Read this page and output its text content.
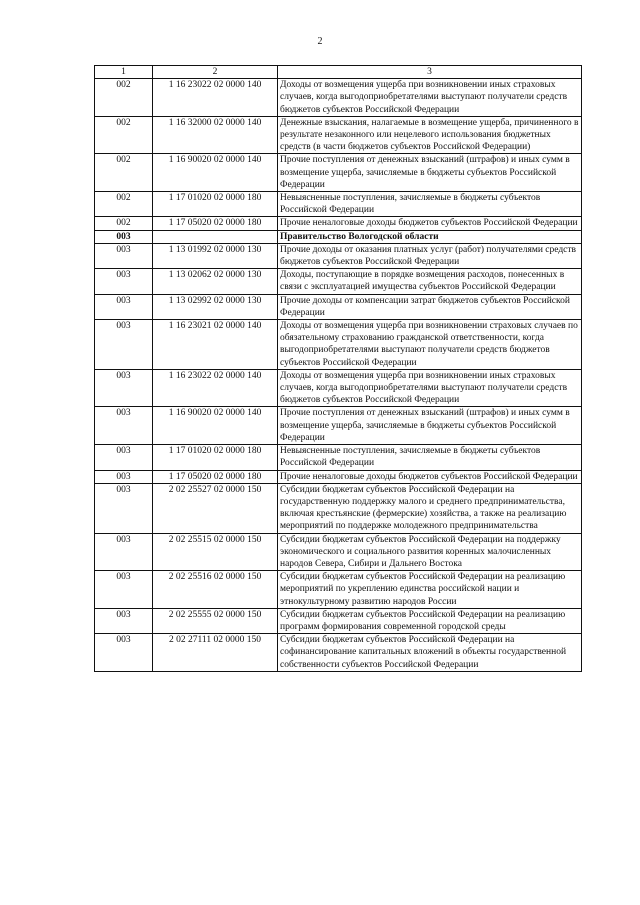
2
1	2	3
002	1 16 23022 02 0000 140	Доходы от возмещения ущерба при возникновении иных страховых случаев, когда выгодоприобретателями выступают получатели средств бюджетов субъектов Российской Федерации
002	1 16 32000 02 0000 140	Денежные взыскания, налагаемые в возмещение ущерба, причиненного в результате незаконного или нецелевого использования бюджетных средств (в части бюджетов субъектов Российской Федерации)
002	1 16 90020 02 0000 140	Прочие поступления от денежных взысканий (штрафов) и иных сумм в возмещение ущерба, зачисляемые в бюджеты субъектов Российской Федерации
002	1 17 01020 02 0000 180	Невыясненные поступления, зачисляемые в бюджеты субъектов Российской Федерации
002	1 17 05020 02 0000 180	Прочие неналоговые доходы бюджетов субъектов Российской Федерации
003		Правительство Вологодской области
003	1 13 01992 02 0000 130	Прочие доходы от оказания платных услуг (работ) получателями средств бюджетов субъектов Российской Федерации
003	1 13 02062 02 0000 130	Доходы, поступающие в порядке возмещения расходов, понесенных в связи с эксплуатацией имущества субъектов Российской Федерации
003	1 13 02992 02 0000 130	Прочие доходы от компенсации затрат бюджетов субъектов Российской Федерации
003	1 16 23021 02 0000 140	Доходы от возмещения ущерба при возникновении страховых случаев по обязательному страхованию гражданской ответственности, когда выгодоприобретателями выступают получатели средств бюджетов субъектов Российской Федерации
003	1 16 23022 02 0000 140	Доходы от возмещения ущерба при возникновении иных страховых случаев, когда выгодоприобретателями выступают получатели средств бюджетов субъектов Российской Федерации
003	1 16 90020 02 0000 140	Прочие поступления от денежных взысканий (штрафов) и иных сумм в возмещение ущерба, зачисляемые в бюджеты субъектов Российской Федерации
003	1 17 01020 02 0000 180	Невыясненные поступления, зачисляемые в бюджеты субъектов Российской Федерации
003	1 17 05020 02 0000 180	Прочие неналоговые доходы бюджетов субъектов Российской Федерации
003	2 02 25527 02 0000 150	Субсидии бюджетам субъектов Российской Федерации на государственную поддержку малого и среднего предпринимательства, включая крестьянские (фермерские) хозяйства, а также на реализацию мероприятий по поддержке молодежного предпринимательства
003	2 02 25515 02 0000 150	Субсидии бюджетам субъектов Российской Федерации на поддержку экономического и социального развития коренных малочисленных народов Севера, Сибири и Дальнего Востока
003	2 02 25516 02 0000 150	Субсидии бюджетам субъектов Российской Федерации на реализацию мероприятий по укреплению единства российской нации и этнокультурному развитию народов России
003	2 02 25555 02 0000 150	Субсидии бюджетам субъектов Российской Федерации на реализацию программ формирования современной городской среды
003	2 02 27111 02 0000 150	Субсидии бюджетам субъектов Российской Федерации на софинансирование капитальных вложений в объекты государственной собственности субъектов Российской Федерации
